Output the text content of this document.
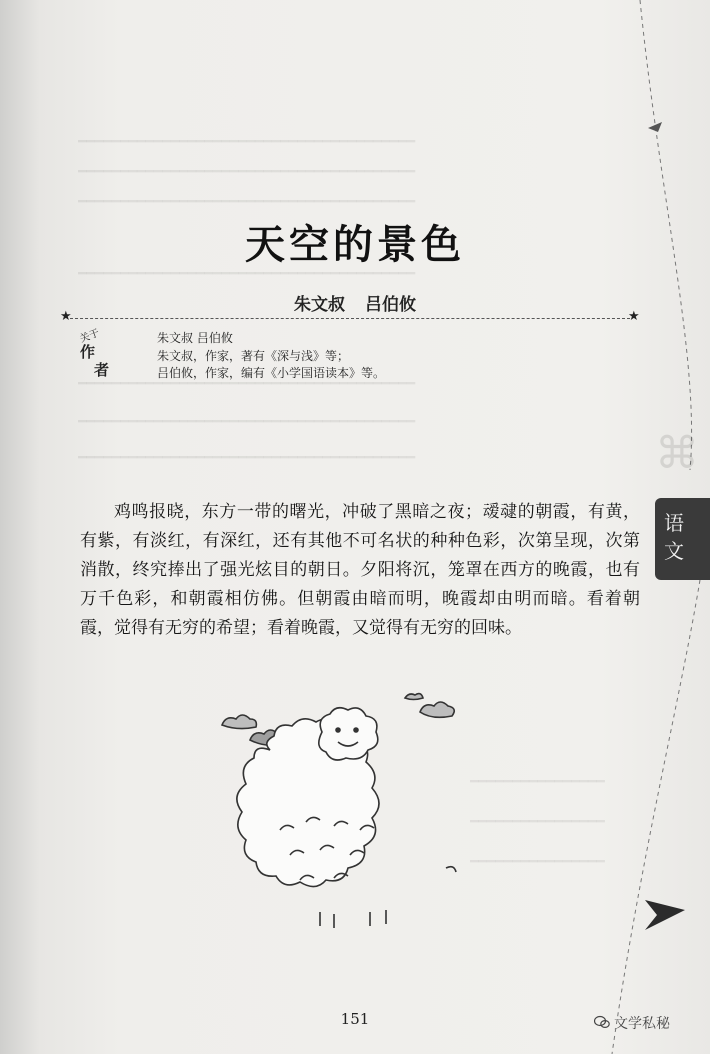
━━━━━━━━━━━━━━━━━━━━━━━━━━━━━━━━━━━━━━━━
━━━━━━━━━━━━━━━━━━━━━━━━━━━━━━━━━━━━━━━━
━━━━━━━━━━━━━━━━━━━━━━━━━━━━━━━━━━━━━━━━
━━━━━━━━━━━━━━━━━━━━━━━━━━━━━━━━━━━━━━━━
━━━━━━━━━━━━━━━━━━━━━━━━━━━━━━━━━━━━━━━━
━━━━━━━━━━━━━━━━━━━━━━━━━━━━━━━━━━━━━━━━
━━━━━━━━━━━━━━━━━━━━━━━━━━━━━━━━━━━━━━━━
━━━━━━━━━━━━━━━━
━━━━━━━━━━━━━━━━
━━━━━━━━━━━━━━━━
天空的景色
朱文叔 吕伯攸
★	★
关于 作
者
朱文叔 吕伯攸
朱文叔，作家，著有《深与浅》等；
吕伯攸，作家，编有《小学国语读本》等。
鸡鸣报晓，东方一带的曙光，冲破了黑暗之夜；叆叇的朝霞，有黄，有紫，有淡红，有深红，还有其他不可名状的种种色彩，次第呈现，次第消散，终究捧出了强光炫目的朝日。夕阳将沉，笼罩在西方的晚霞，也有万千色彩，和朝霞相仿佛。但朝霞由暗而明，晚霞却由明而暗。看着朝霞，觉得有无穷的希望；看着晚霞，又觉得有无穷的回味。
⌘
语
文
151	文学私秘
